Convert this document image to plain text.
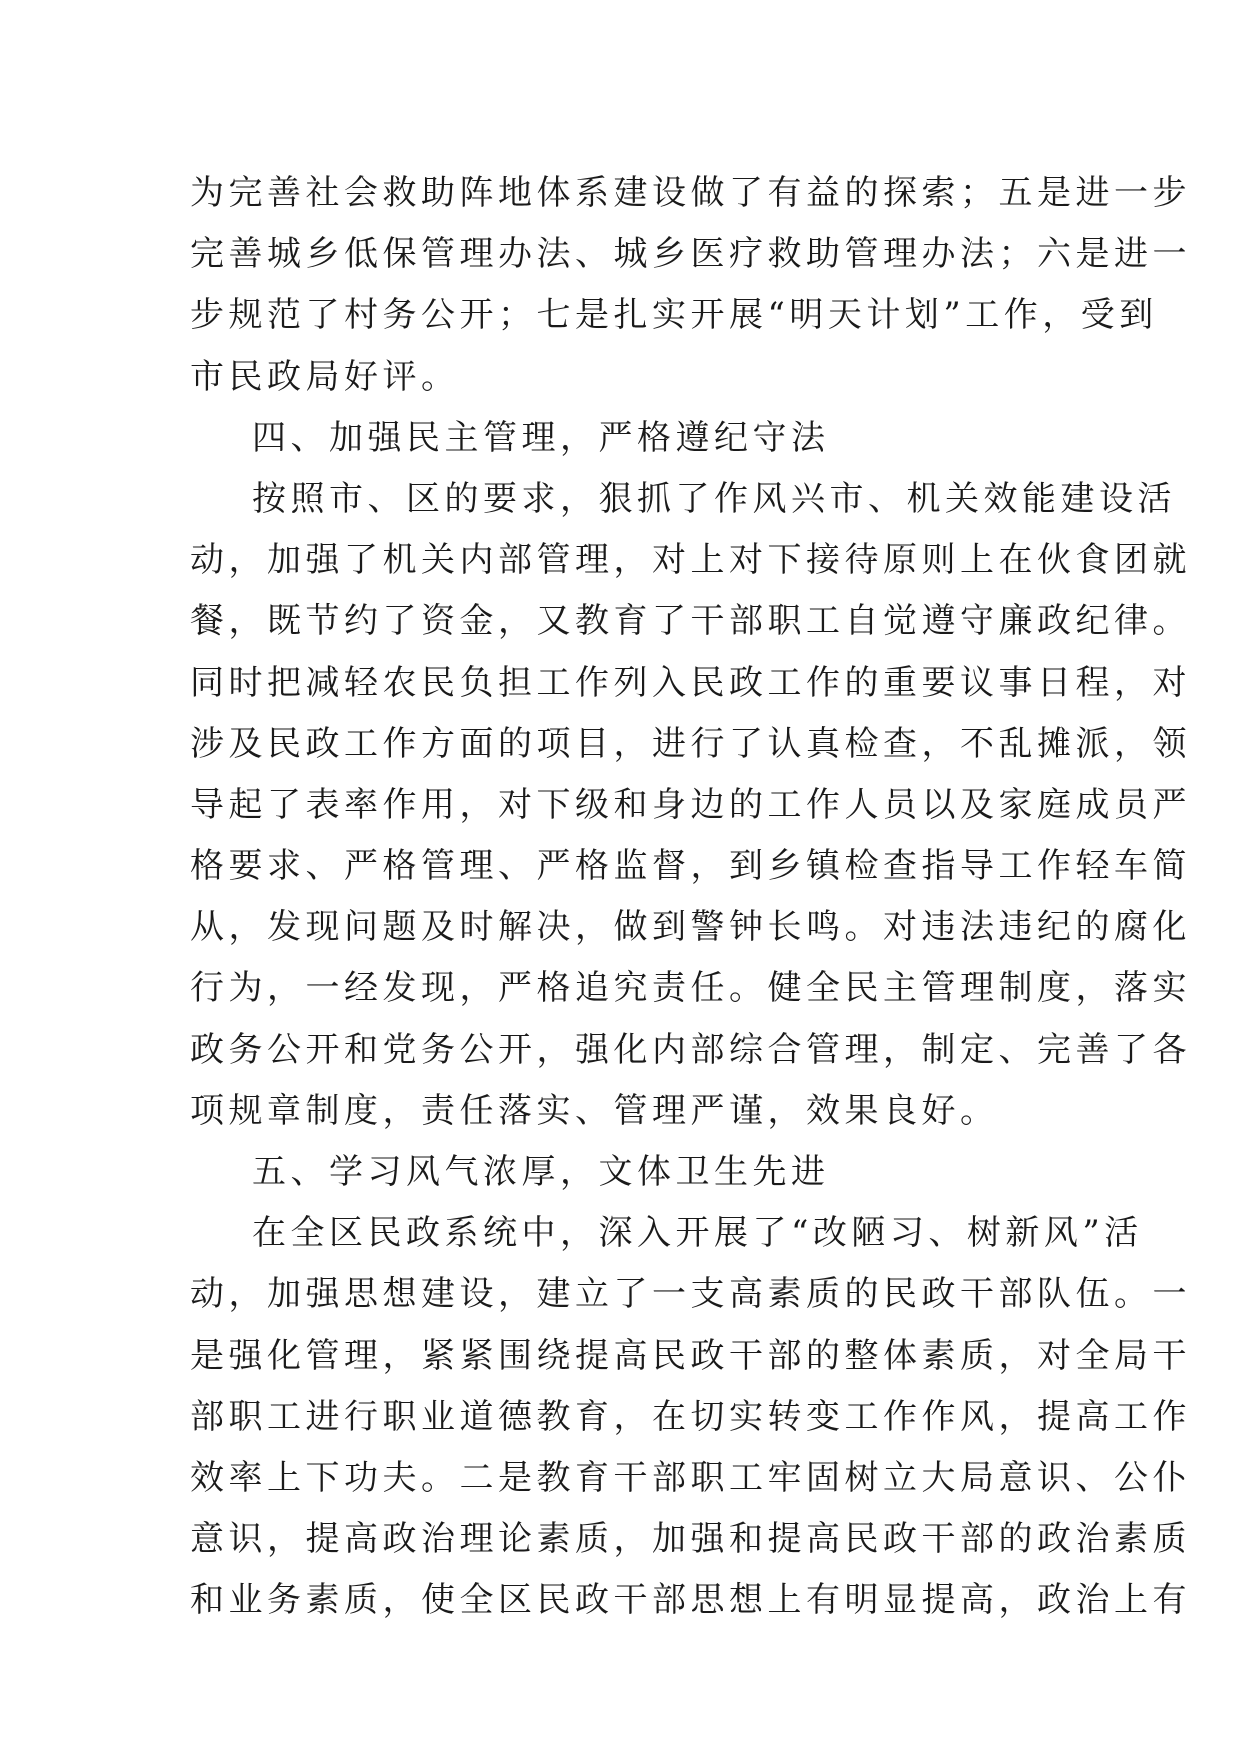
为完善社会救助阵地体系建设做了有益的探索；五是进一步
完善城乡低保管理办法、城乡医疗救助管理办法；六是进一
步规范了村务公开；七是扎实开展“明天计划”工作，受到
市民政局好评。
四、加强民主管理，严格遵纪守法
按照市、区的要求，狠抓了作风兴市、机关效能建设活
动，加强了机关内部管理，对上对下接待原则上在伙食团就
餐，既节约了资金，又教育了干部职工自觉遵守廉政纪律。
同时把减轻农民负担工作列入民政工作的重要议事日程，对
涉及民政工作方面的项目，进行了认真检查，不乱摊派，领
导起了表率作用，对下级和身边的工作人员以及家庭成员严
格要求、严格管理、严格监督，到乡镇检查指导工作轻车简
从，发现问题及时解决，做到警钟长鸣。对违法违纪的腐化
行为，一经发现，严格追究责任。健全民主管理制度，落实
政务公开和党务公开，强化内部综合管理，制定、完善了各
项规章制度，责任落实、管理严谨，效果良好。
五、学习风气浓厚，文体卫生先进
在全区民政系统中，深入开展了“改陋习、树新风”活
动，加强思想建设，建立了一支高素质的民政干部队伍。一
是强化管理，紧紧围绕提高民政干部的整体素质，对全局干
部职工进行职业道德教育，在切实转变工作作风，提高工作
效率上下功夫。二是教育干部职工牢固树立大局意识、公仆
意识，提高政治理论素质，加强和提高民政干部的政治素质
和业务素质，使全区民政干部思想上有明显提高，政治上有
